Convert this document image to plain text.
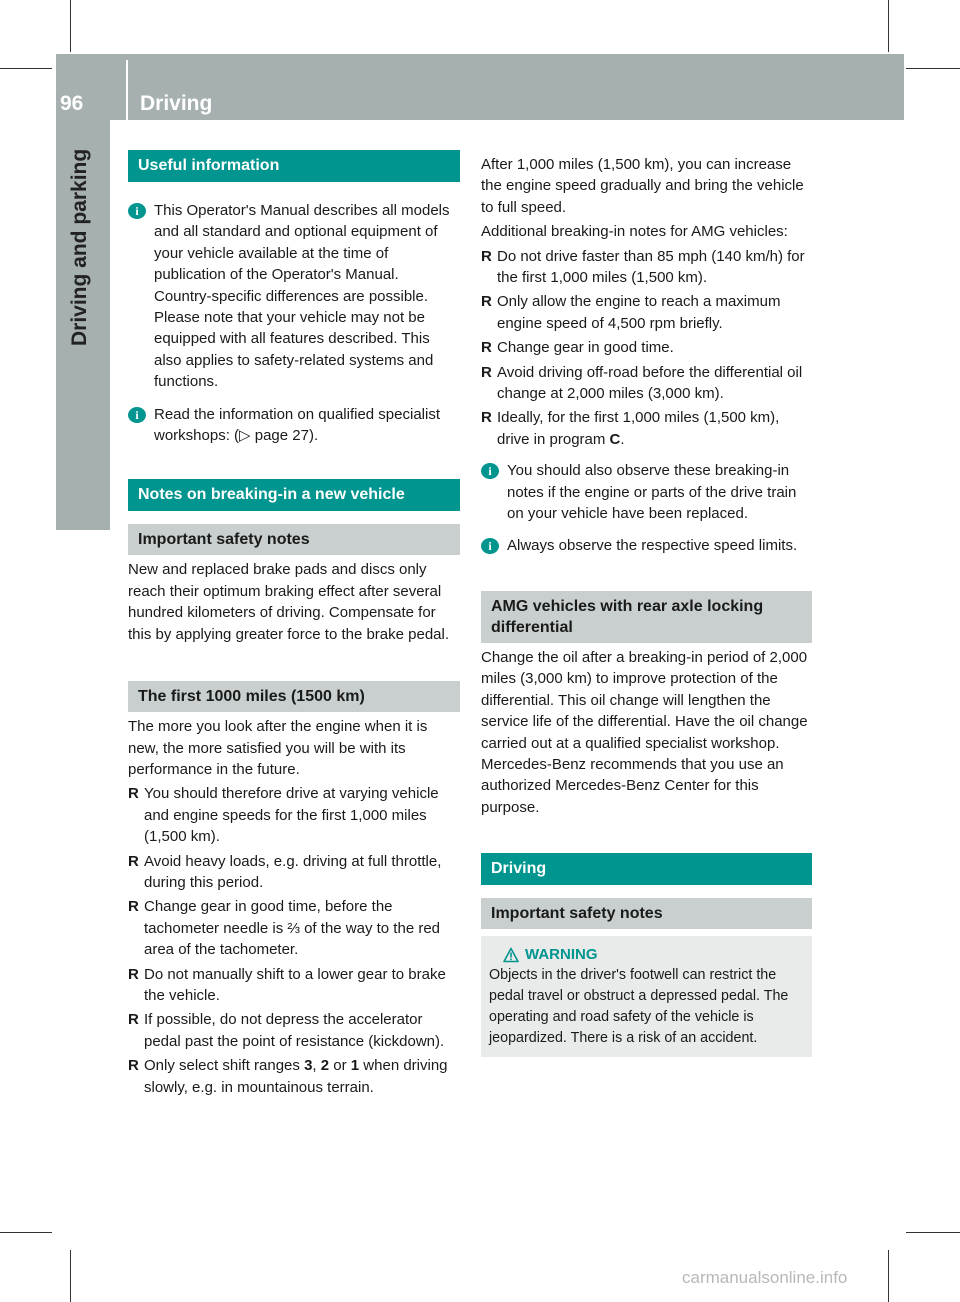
96	Driving
Driving and parking	Useful information
i	This Operator's Manual describes all models and all standard and optional equipment of your vehicle available at the time of publication of the Operator's Manual. Country-specific differences are possible. Please note that your vehicle may not be equipped with all features described. This also applies to safety-related systems and functions.

i	Read the information on qualified specialist workshops: (▷ page 27).

Notes on breaking-in a new vehicle
Important safety notes

New and replaced brake pads and discs only reach their optimum braking effect after several hundred kilometers of driving. Compensate for this by applying greater force to the brake pedal.

The first 1000 miles (1500 km)

The more you look after the engine when it is new, the more satisfied you will be with its performance in the future.

R You should therefore drive at varying vehicle and engine speeds for the first 1,000 miles (1,500 km).
R Avoid heavy loads, e.g. driving at full throttle, during this period.
R Change gear in good time, before the tachometer needle is ⅔ of the way to the red area of the tachometer.
R Do not manually shift to a lower gear to brake the vehicle.
R If possible, do not depress the accelerator pedal past the point of resistance (kickdown).
R Only select shift ranges 3, 2 or 1 when driving slowly, e.g. in mountainous terrain.

After 1,000 miles (1,500 km), you can increase the engine speed gradually and bring the vehicle to full speed.

Additional breaking-in notes for AMG vehicles:

R Do not drive faster than 85 mph (140 km/h) for the first 1,000 miles (1,500 km).
R Only allow the engine to reach a maximum engine speed of 4,500 rpm briefly.
R Change gear in good time.
R Avoid driving off-road before the differential oil change at 2,000 miles (3,000 km).
R Ideally, for the first 1,000 miles (1,500 km), drive in program C.
i	You should also observe these breaking-in notes if the engine or parts of the drive train on your vehicle have been replaced.

i	Always observe the respective speed limits.

AMG vehicles with rear axle locking differential

Change the oil after a breaking-in period of 2,000 miles (3,000 km) to improve protection of the differential. This oil change will lengthen the service life of the differential. Have the oil change carried out at a qualified specialist workshop. Mercedes-Benz recommends that you use an authorized Mercedes-Benz Center for this purpose.

Driving
Important safety notes
WARNING

Objects in the driver's footwell can restrict the pedal travel or obstruct a depressed pedal. The operating and road safety of the vehicle is jeopardized. There is a risk of an accident.

carmanualsonline.info
